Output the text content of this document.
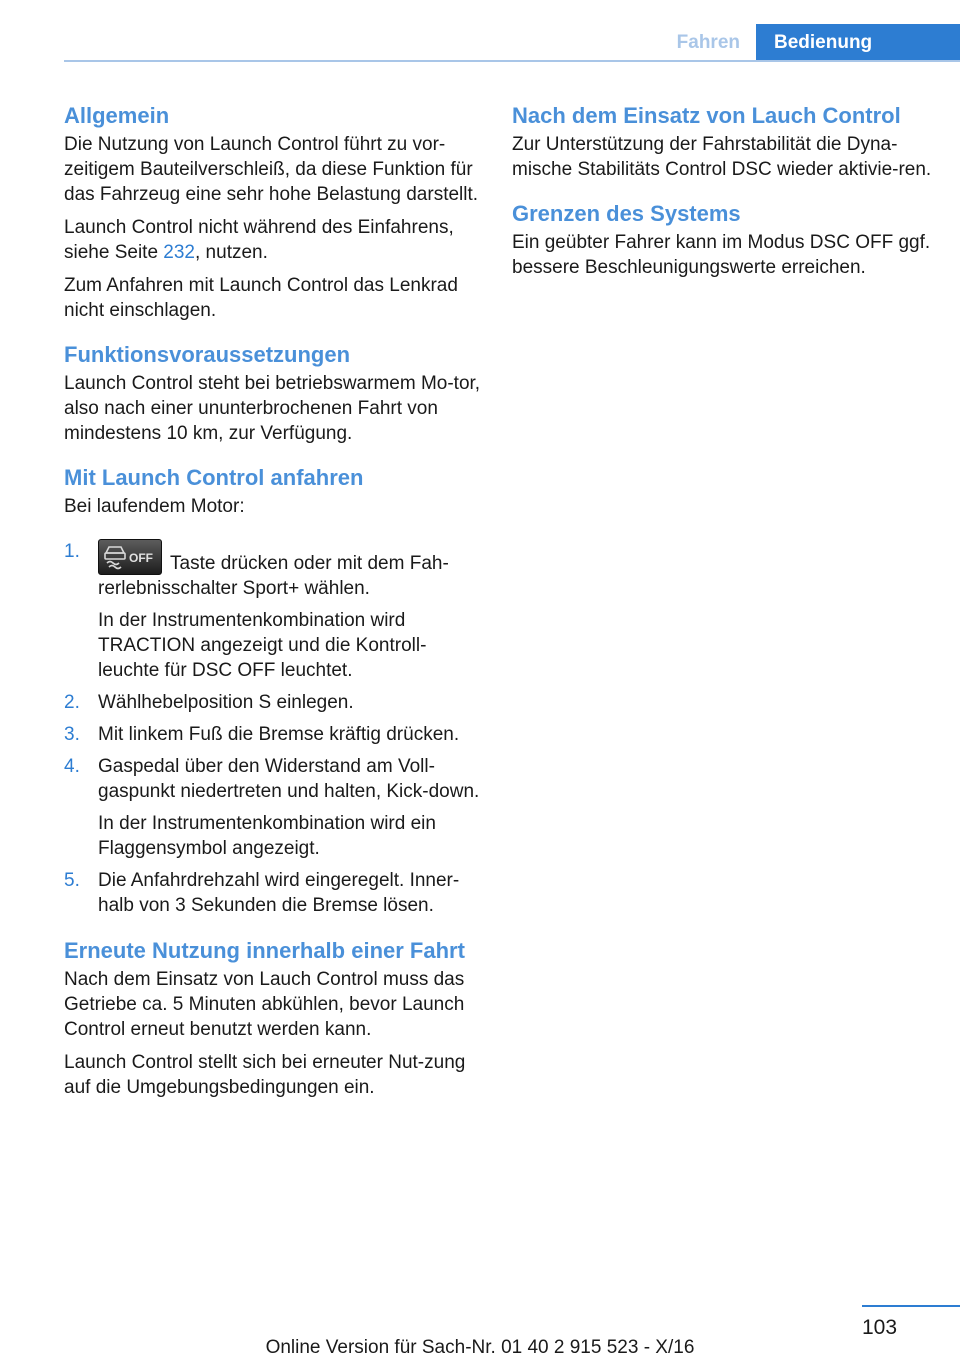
Fahren	Bedienung
Allgemein

Die Nutzung von Launch Control führt zu vor-zeitigem Bauteilverschleiß, da diese Funktion für das Fahrzeug eine sehr hohe Belastung darstellt.

Launch Control nicht während des Einfahrens, siehe Seite 232, nutzen.

Zum Anfahren mit Launch Control das Lenkrad nicht einschlagen.

Funktionsvoraussetzungen

Launch Control steht bei betriebswarmem Mo-tor, also nach einer ununterbrochenen Fahrt von mindestens 10 km, zur Verfügung.

Mit Launch Control anfahren

Bei laufendem Motor:

1.	OFF Taste drücken oder mit dem Fah-rerlebnisschalter Sport+ wählen.
In der Instrumentenkombination wird TRACTION angezeigt und die Kontroll-leuchte für DSC OFF leuchtet.
2. Wählhebelposition S einlegen.
3. Mit linkem Fuß die Bremse kräftig drücken.
4. Gaspedal über den Widerstand am Voll-gaspunkt niedertreten und halten, Kick-down.
In der Instrumentenkombination wird ein Flaggensymbol angezeigt.
5. Die Anfahrdrehzahl wird eingeregelt. Inner-halb von 3 Sekunden die Bremse lösen.
Erneute Nutzung innerhalb einer Fahrt

Nach dem Einsatz von Lauch Control muss das Getriebe ca. 5 Minuten abkühlen, bevor Launch Control erneut benutzt werden kann.

Launch Control stellt sich bei erneuter Nut-zung auf die Umgebungsbedingungen ein.

Nach dem Einsatz von Lauch Control

Zur Unterstützung der Fahrstabilität die Dyna-mische Stabilitäts Control DSC wieder aktivie-ren.

Grenzen des Systems

Ein geübter Fahrer kann im Modus DSC OFF ggf. bessere Beschleunigungswerte erreichen.

103
Online Version für Sach-Nr. 01 40 2 915 523 - X/16
